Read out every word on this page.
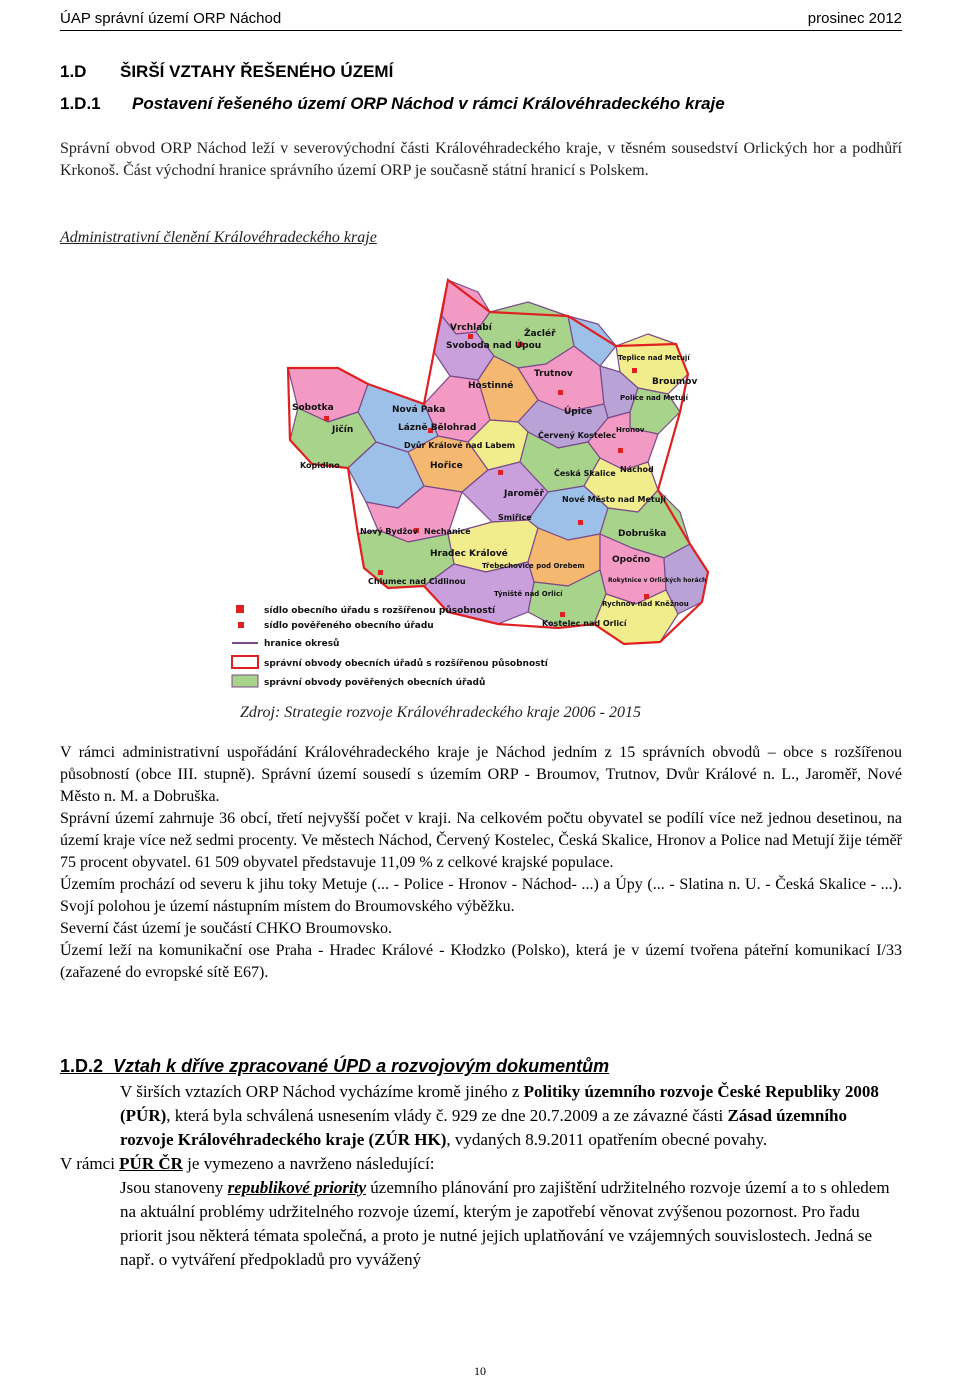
ÚAP správní území ORP Náchod	prosinec 2012
1.D ŠIRŠÍ VZTAHY ŘEŠENÉHO ÚZEMÍ
1.D.1 Postavení řešeného území ORP Náchod v rámci Královéhradeckého kraje
Správní obvod ORP Náchod leží v severovýchodní části Královéhradeckého kraje, v těsném sousedství Orlických hor a podhůří Krkonoš. Část východní hranice správního území ORP je současně státní hranicí s Polskem.
Administrativní členění Královéhradeckého kraje
Vrchlabí
Svoboda nad Úpou
Žacléř
Teplice nad Metují
Trutnov
Broumov
Hostinné
Police nad Metují
Úpice
Sobotka	Nová Paka
Hronov
Jičín	Lázně Bělohrad
Červený Kostelec
Dvůr Králové nad Labem
Hořice
Česká Skalice Náchod
Kopidlno
Jaroměř
Nové Město nad Metují
Smiřice
Dobruška
Nový Bydžov Nechanice
Opočno
Hradec Králové
Třebechovice pod Orebem
Chlumec nad Cidlinou
Týniště nad Orlicí
Rokytnice v Orlických horách
Rychnov nad Kněžnou
Kostelec nad Orlicí
sídlo obecního úřadu s rozšířenou působností
sídlo pověřeného obecního úřadu
hranice okresů
správní obvody obecních úřadů s rozšířenou působností
správní obvody pověřených obecních úřadů
Zdroj: Strategie rozvoje Královéhradeckého kraje 2006 - 2015

V rámci administrativní uspořádání Královéhradeckého kraje je Náchod jedním z 15 správních obvodů – obce s rozšířenou působností (obce III. stupně). Správní území sousedí s územím ORP - Broumov, Trutnov, Dvůr Králové n. L., Jaroměř, Nové Město n. M. a Dobruška.

Správní území zahrnuje 36 obcí, třetí nejvyšší počet v kraji. Na celkovém počtu obyvatel se podílí více než jednou desetinou, na území kraje více než sedmi procenty. Ve městech Náchod, Červený Kostelec, Česká Skalice, Hronov a Police nad Metují žije téměř 75 procent obyvatel. 61 509 obyvatel představuje 11,09 % z celkové krajské populace.

Územím prochází od severu k jihu toky Metuje (... - Police - Hronov - Náchod- ...) a Úpy (... - Slatina n. U. - Česká Skalice - ...). Svojí polohou je území nástupním místem do Broumovského výběžku.

Severní část území je součástí CHKO Broumovsko.

Území leží na komunikační ose Praha - Hradec Králové - Kłodzko (Polsko), která je v území tvořena páteřní komunikací I/33 (zařazené do evropské sítě E67).

1.D.2 Vztah k dříve zpracované ÚPD a rozvojovým dokumentům

V širších vztazích ORP Náchod vycházíme kromě jiného z Politiky územního rozvoje České Republiky 2008 (PÚR), která byla schválená usnesením vlády č. 929 ze dne 20.7.2009 a ze závazné části Zásad územního rozvoje Královéhradeckého kraje (ZÚR HK), vydaných 8.9.2011 opatřením obecné povahy.

V rámci PÚR ČR je vymezeno a navrženo následující:

Jsou stanoveny republikové priority územního plánování pro zajištění udržitelného rozvoje území a to s ohledem na aktuální problémy udržitelného rozvoje území, kterým je zapotřebí věnovat zvýšenou pozornost. Pro řadu priorit jsou některá témata společná, a proto je nutné jejich uplatňování ve vzájemných souvislostech. Jedná se např. o vytváření předpokladů pro vyvážený

10
